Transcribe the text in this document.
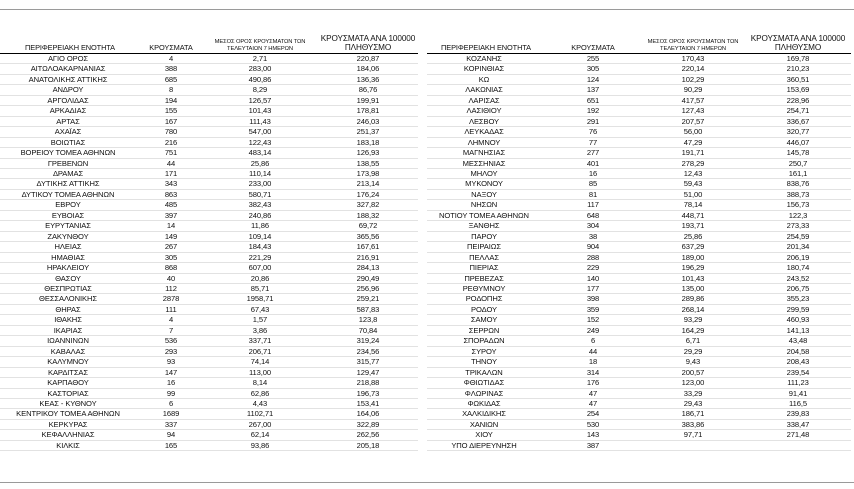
ΠΕΡΙΦΕΡΕΙΑΚΗ ΕΝΟΤΗΤΑ	ΚΡΟΥΣΜΑΤΑ	ΜΕΣΟΣ ΟΡΟΣ ΚΡΟΥΣΜΑΤΩΝ ΤΩΝ ΤΕΛΕΥΤΑΙΩΝ 7 ΗΜΕΡΩΝ	ΚΡΟΥΣΜΑΤΑ ΑΝΑ 100000 ΠΛΗΘΥΣΜΟ
ΑΓΙΟ ΟΡΟΣ	4	2,71	220,87
ΑΙΤΩΛΟΑΚΑΡΝΑΝΙΑΣ	388	283,00	184,06
ΑΝΑΤΟΛΙΚΗΣ ΑΤΤΙΚΗΣ	685	490,86	136,36
ΑΝΔΡΟΥ	8	8,29	86,76
ΑΡΓΟΛΙΔΑΣ	194	126,57	199,91
ΑΡΚΑΔΙΑΣ	155	101,43	178,81
ΑΡΤΑΣ	167	111,43	246,03
ΑΧΑΪΑΣ	780	547,00	251,37
ΒΟΙΩΤΙΑΣ	216	122,43	183,18
ΒΟΡΕΙΟΥ ΤΟΜΕΑ ΑΘΗΝΩΝ	751	483,14	126,93
ΓΡΕΒΕΝΩΝ	44	25,86	138,55
ΔΡΑΜΑΣ	171	110,14	173,98
ΔΥΤΙΚΗΣ ΑΤΤΙΚΗΣ	343	233,00	213,14
ΔΥΤΙΚΟΥ ΤΟΜΕΑ ΑΘΗΝΩΝ	863	580,71	176,24
ΕΒΡΟΥ	485	382,43	327,82
ΕΥΒΟΙΑΣ	397	240,86	188,32
ΕΥΡΥΤΑΝΙΑΣ	14	11,86	69,72
ΖΑΚΥΝΘΟΥ	149	109,14	365,56
ΗΛΕΙΑΣ	267	184,43	167,61
ΗΜΑΘΙΑΣ	305	221,29	216,91
ΗΡΑΚΛΕΙΟΥ	868	607,00	284,13
ΘΑΣΟΥ	40	20,86	290,49
ΘΕΣΠΡΩΤΙΑΣ	112	85,71	256,96
ΘΕΣΣΑΛΟΝΙΚΗΣ	2878	1958,71	259,21
ΘΗΡΑΣ	111	67,43	587,83
ΙΘΑΚΗΣ	4	1,57	123,8
ΙΚΑΡΙΑΣ	7	3,86	70,84
ΙΩΑΝΝΙΝΩΝ	536	337,71	319,24
ΚΑΒΑΛΑΣ	293	206,71	234,56
ΚΑΛΥΜΝΟΥ	93	74,14	315,77
ΚΑΡΔΙΤΣΑΣ	147	113,00	129,47
ΚΑΡΠΑΘΟΥ	16	8,14	218,88
ΚΑΣΤΟΡΙΑΣ	99	62,86	196,73
ΚΕΑΣ - ΚΥΘΝΟΥ	6	4,43	153,41
ΚΕΝΤΡΙΚΟΥ ΤΟΜΕΑ ΑΘΗΝΩΝ	1689	1102,71	164,06
ΚΕΡΚΥΡΑΣ	337	267,00	322,89
ΚΕΦΑΛΛΗΝΙΑΣ	94	62,14	262,56
ΚΙΛΚΙΣ	165	93,86	205,18
ΠΕΡΙΦΕΡΕΙΑΚΗ ΕΝΟΤΗΤΑ	ΚΡΟΥΣΜΑΤΑ	ΜΕΣΟΣ ΟΡΟΣ ΚΡΟΥΣΜΑΤΩΝ ΤΩΝ ΤΕΛΕΥΤΑΙΩΝ 7 ΗΜΕΡΩΝ	ΚΡΟΥΣΜΑΤΑ ΑΝΑ 100000 ΠΛΗΘΥΣΜΟ
ΚΟΖΑΝΗΣ	255	170,43	169,78
ΚΟΡΙΝΘΙΑΣ	305	220,14	210,23
ΚΩ	124	102,29	360,51
ΛΑΚΩΝΙΑΣ	137	90,29	153,69
ΛΑΡΙΣΑΣ	651	417,57	228,96
ΛΑΣΙΘΙΟΥ	192	127,43	254,71
ΛΕΣΒΟΥ	291	207,57	336,67
ΛΕΥΚΑΔΑΣ	76	56,00	320,77
ΛΗΜΝΟΥ	77	47,29	446,07
ΜΑΓΝΗΣΙΑΣ	277	191,71	145,78
ΜΕΣΣΗΝΙΑΣ	401	278,29	250,7
ΜΗΛΟΥ	16	12,43	161,1
ΜΥΚΟΝΟΥ	85	59,43	838,76
ΝΑΞΟΥ	81	51,00	388,73
ΝΗΣΩΝ	117	78,14	156,73
ΝΟΤΙΟΥ ΤΟΜΕΑ ΑΘΗΝΩΝ	648	448,71	122,3
ΞΑΝΘΗΣ	304	193,71	273,33
ΠΑΡΟΥ	38	25,86	254,59
ΠΕΙΡΑΙΩΣ	904	637,29	201,34
ΠΕΛΛΑΣ	288	189,00	206,19
ΠΙΕΡΙΑΣ	229	196,29	180,74
ΠΡΕΒΕΖΑΣ	140	101,43	243,52
ΡΕΘΥΜΝΟΥ	177	135,00	206,75
ΡΟΔΟΠΗΣ	398	289,86	355,23
ΡΟΔΟΥ	359	268,14	299,59
ΣΑΜΟΥ	152	93,29	460,93
ΣΕΡΡΩΝ	249	164,29	141,13
ΣΠΟΡΑΔΩΝ	6	6,71	43,48
ΣΥΡΟΥ	44	29,29	204,58
ΤΗΝΟΥ	18	9,43	208,43
ΤΡΙΚΑΛΩΝ	314	200,57	239,54
ΦΘΙΩΤΙΔΑΣ	176	123,00	111,23
ΦΛΩΡΙΝΑΣ	47	33,29	91,41
ΦΩΚΙΔΑΣ	47	29,43	116,5
ΧΑΛΚΙΔΙΚΗΣ	254	186,71	239,83
ΧΑΝΙΩΝ	530	383,86	338,47
ΧΙΟΥ	143	97,71	271,48
ΥΠΟ ΔΙΕΡΕΥΝΗΣΗ	387		
